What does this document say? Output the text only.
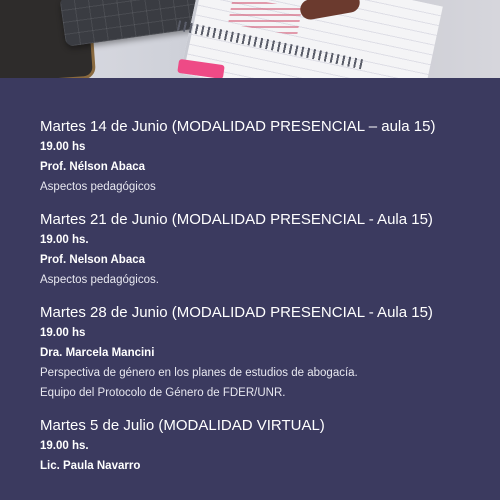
Martes 14 de Junio (MODALIDAD PRESENCIAL – aula 15)

19.00 hs

Prof. Nélson Abaca

Aspectos pedagógicos

Martes 21 de Junio (MODALIDAD PRESENCIAL - Aula 15)

19.00 hs.

Prof. Nelson Abaca

Aspectos pedagógicos.

Martes 28 de Junio (MODALIDAD PRESENCIAL - Aula 15)

19.00 hs

Dra. Marcela Mancini

Perspectiva de género en los planes de estudios de abogacía.

Equipo del Protocolo de Género de FDER/UNR.

Martes 5 de Julio (MODALIDAD VIRTUAL)

19.00 hs.

Lic. Paula Navarro
